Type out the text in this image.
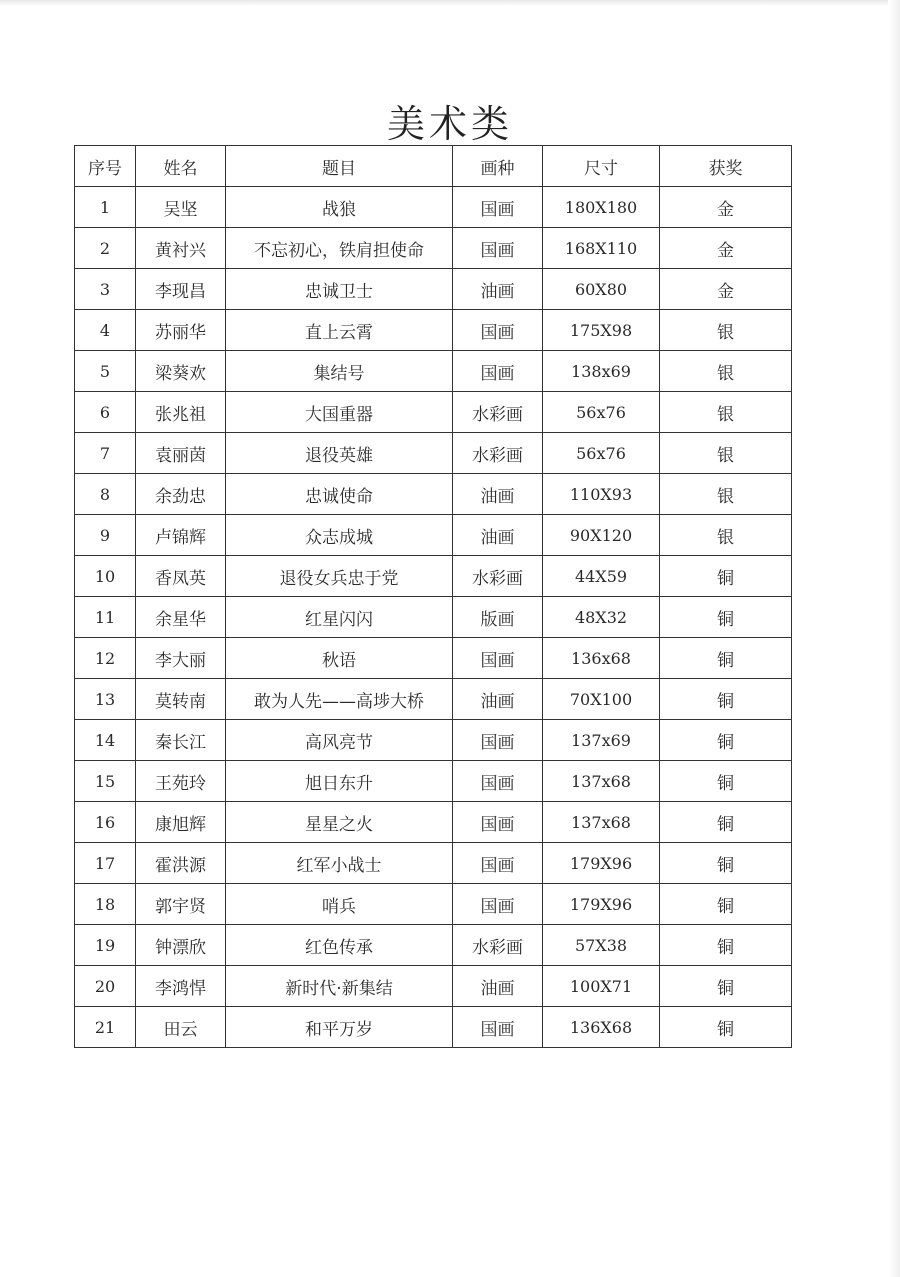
美术类
序号	姓名	题目	画种	尺寸	获奖
1	吴坚	战狼	国画	180X180	金
2	黄衬兴	不忘初心，铁肩担使命	国画	168X110	金
3	李现昌	忠诚卫士	油画	60X80	金
4	苏丽华	直上云霄	国画	175X98	银
5	梁葵欢	集结号	国画	138x69	银
6	张兆祖	大国重器	水彩画	56x76	银
7	袁丽茵	退役英雄	水彩画	56x76	银
8	余劲忠	忠诚使命	油画	110X93	银
9	卢锦辉	众志成城	油画	90X120	银
10	香凤英	退役女兵忠于党	水彩画	44X59	铜
11	余星华	红星闪闪	版画	48X32	铜
12	李大丽	秋语	国画	136x68	铜
13	莫转南	敢为人先——高埗大桥	油画	70X100	铜
14	秦长江	高风亮节	国画	137x69	铜
15	王苑玲	旭日东升	国画	137x68	铜
16	康旭辉	星星之火	国画	137x68	铜
17	霍洪源	红军小战士	国画	179X96	铜
18	郭宇贤	哨兵	国画	179X96	铜
19	钟漂欣	红色传承	水彩画	57X38	铜
20	李鸿悍	新时代·新集结	油画	100X71	铜
21	田云	和平万岁	国画	136X68	铜
